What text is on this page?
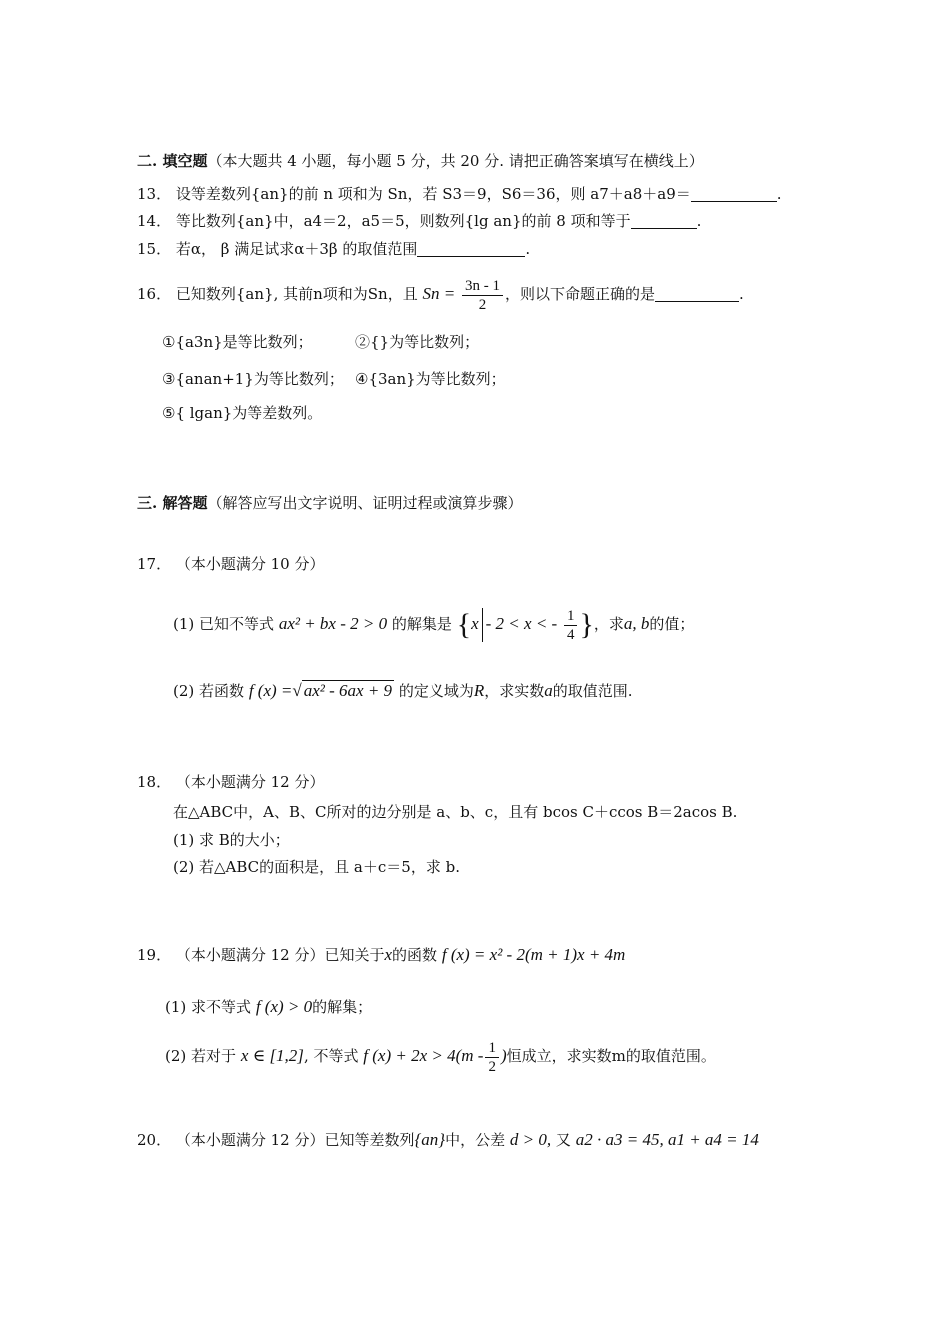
二. 填空题（本大题共 4 小题，每小题 5 分，共 20 分. 请把正确答案填写在横线上）
13． 设等差数列{an}的前 n 项和为 Sn，若 S3＝9，S6＝36，则 a7＋a8＋a9＝	.
14． 等比数列{an}中，a4＝2，a5＝5，则数列{lg an}的前 8 项和等于	.
15． 若α， β 满足试求α＋3β 的取值范围	.
16． 已知数列{an}, 其前n项和为Sn，且 $Sn = \frac{3n - 1}{2}$ ，则以下命题正确的是	.
①{a3n}是等比数列；	②{}为等比数列；
③{anan+1}为等比数列； ④{3an}为等比数列；
⑤{ lgan}为等差数列。
三. 解答题（解答应写出文字说明、证明过程或演算步骤）
17． （本小题满分 10 分）
(1) 已知不等式 ax² + bx - 2 > 0 的解集是 {x - 2 < x < - $\frac{1}{4}$ }，求a, b的值；
(2) 若函数 f (x) =√ ax² - 6ax + 9 的定义域为R，求实数a的取值范围.
18． （本小题满分 12 分）
在△ABC中，A、B、C所对的边分别是 a、b、c，且有 bcos C＋ccos B＝2acos B.
(1) 求 B的大小；
(2) 若△ABC的面积是，且 a＋c＝5，求 b.
19． （本小题满分 12 分）已知关于x的函数 f (x) = x² - 2(m + 1)x + 4m
(1) 求不等式 f (x) > 0的解集；
(2) 若对于 x ∈ [1,2], 不等式 f $(x) + 2x > 4(m - \frac{1}{2}$ )恒成立，求实数m的取值范围。
20． （本小题满分 12 分）已知等差数列{an}中，公差 d > 0, 又 a2 · a3 = 45, a1 + a4 = 14
